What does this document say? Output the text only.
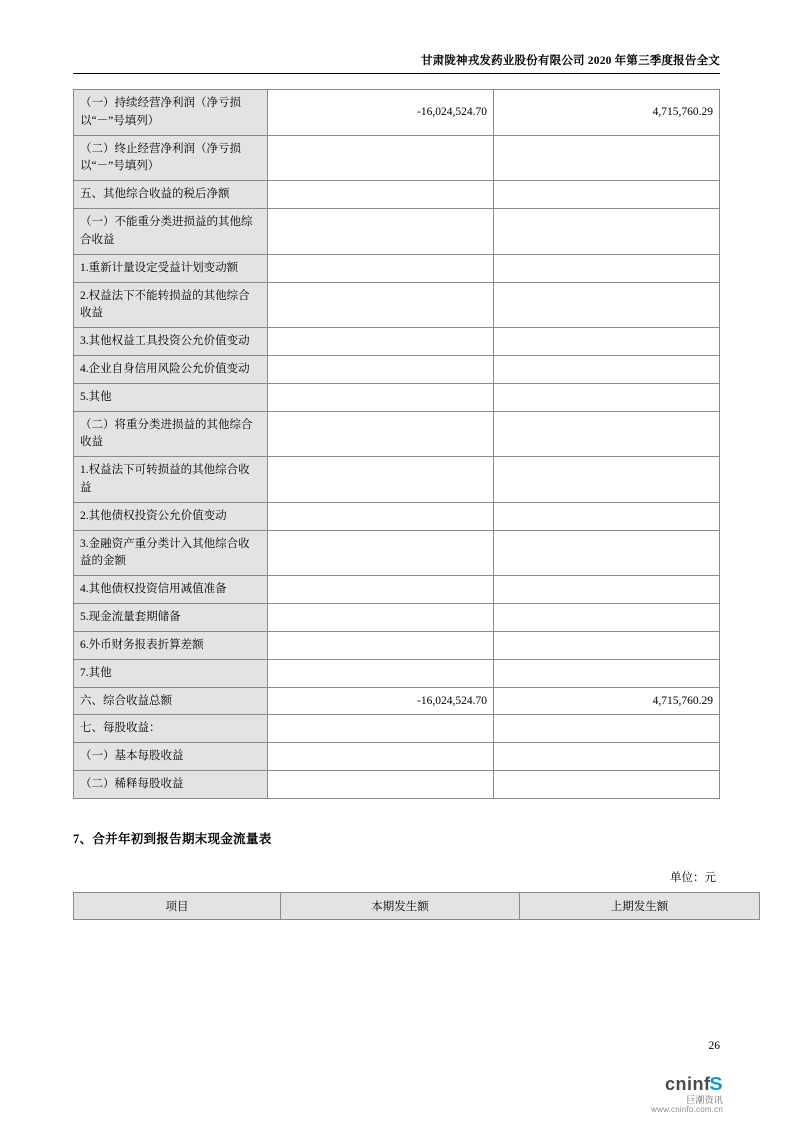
甘肃陇神戎发药业股份有限公司 2020 年第三季度报告全文
（一）持续经营净利润（净亏损以“－”号填列）	-16,024,524.70	4,715,760.29
（二）终止经营净利润（净亏损以“－”号填列）		
五、其他综合收益的税后净额		
（一）不能重分类进损益的其他综合收益		
1.重新计量设定受益计划变动额		
2.权益法下不能转损益的其他综合收益		
3.其他权益工具投资公允价值变动		
4.企业自身信用风险公允价值变动		
5.其他		
（二）将重分类进损益的其他综合收益		
1.权益法下可转损益的其他综合收益		
2.其他债权投资公允价值变动		
3.金融资产重分类计入其他综合收益的金额		
4.其他债权投资信用减值准备		
5.现金流量套期储备		
6.外币财务报表折算差额		
7.其他		
六、综合收益总额	-16,024,524.70	4,715,760.29
七、每股收益：		
（一）基本每股收益		
（二）稀释每股收益		
7、合并年初到报告期末现金流量表
单位：元
项目	本期发生额	上期发生额
26
cninfS
巨潮资讯
www.cninfo.com.cn
